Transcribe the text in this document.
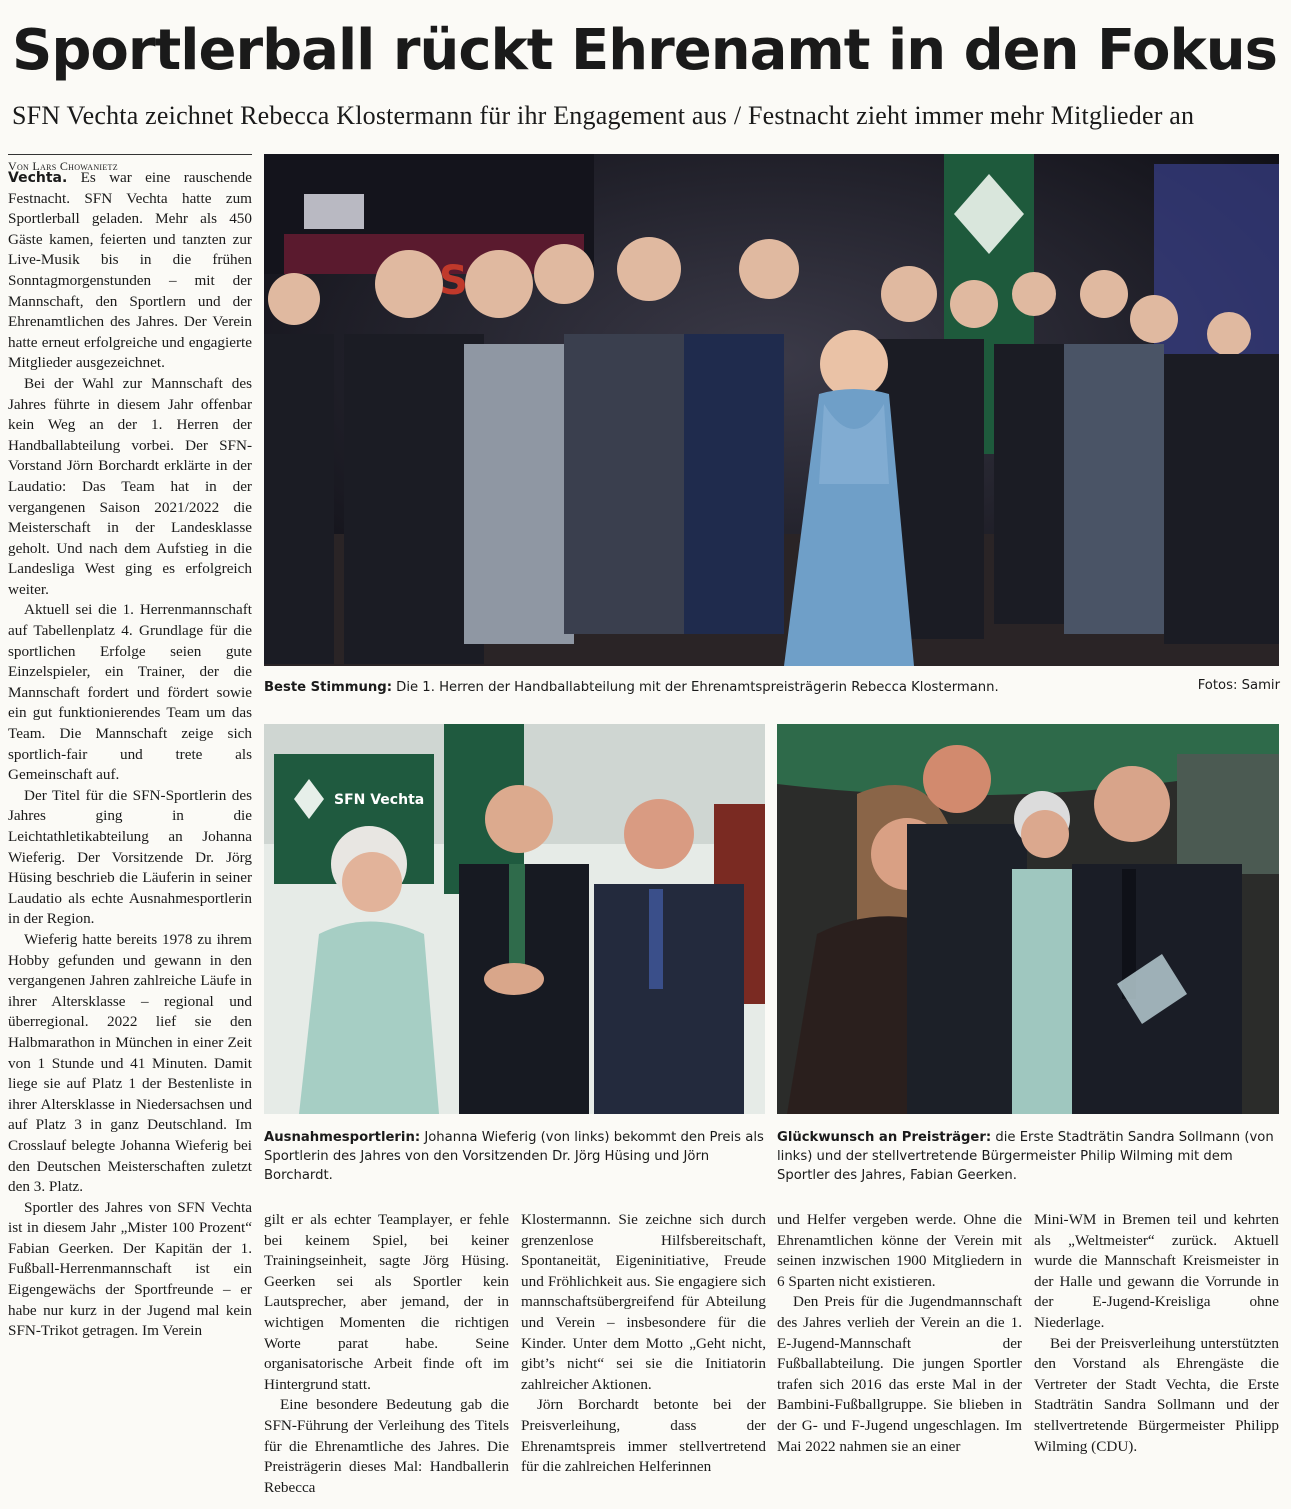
Sportlerball rückt Ehrenamt in den Fokus
SFN Vechta zeichnet Rebecca Klostermann für ihr Engagement aus / Festnacht zieht immer mehr Mitglieder an
Von Lars Chowanietz

Vechta. Es war eine rauschende Festnacht. SFN Vechta hatte zum Sportlerball geladen. Mehr als 450 Gäste kamen, feierten und tanzten zur Live-Musik bis in die frühen Sonntagmorgenstunden – mit der Mannschaft, den Sportlern und der Ehrenamtlichen des Jahres. Der Verein hatte erneut erfolgreiche und engagierte Mitglieder ausgezeichnet.

Bei der Wahl zur Mannschaft des Jahres führte in diesem Jahr offenbar kein Weg an der 1. Herren der Handballabteilung vorbei. Der SFN-Vorstand Jörn Borchardt erklärte in der Laudatio: Das Team hat in der vergangenen Saison 2021/2022 die Meisterschaft in der Landesklasse geholt. Und nach dem Aufstieg in die Landesliga West ging es erfolgreich weiter.

Aktuell sei die 1. Herrenmannschaft auf Tabellenplatz 4. Grundlage für die sportlichen Erfolge seien gute Einzelspieler, ein Trainer, der die Mannschaft fordert und fördert sowie ein gut funktionierendes Team um das Team. Die Mannschaft zeige sich sportlich-fair und trete als Gemeinschaft auf.

Der Titel für die SFN-Sportlerin des Jahres ging in die Leichtathletikabteilung an Johanna Wieferig. Der Vorsitzende Dr. Jörg Hüsing beschrieb die Läuferin in seiner Laudatio als echte Ausnahmesportlerin in der Region.

Wieferig hatte bereits 1978 zu ihrem Hobby gefunden und gewann in den vergangenen Jahren zahlreiche Läufe in ihrer Altersklasse – regional und überregional. 2022 lief sie den Halbmarathon in München in einer Zeit von 1 Stunde und 41 Minuten. Damit liege sie auf Platz 1 der Bestenliste in ihrer Altersklasse in Niedersachsen und auf Platz 3 in ganz Deutschland. Im Crosslauf belegte Johanna Wieferig bei den Deutschen Meisterschaften zuletzt den 3. Platz.

Sportler des Jahres von SFN Vechta ist in diesem Jahr „Mister 100 Prozent“ Fabian Geerken. Der Kapitän der 1. Fußball-Herrenmannschaft ist ein Eigengewächs der Sportfreunde – er habe nur kurz in der Jugend mal kein SFN-Trikot getragen. Im Verein

Beste Stimmung: Die 1. Herren der Handballabteilung mit der Ehrenamtspreisträgerin Rebecca Klostermann.	Fotos: Samir
SFN Vechta
Ausnahmesportlerin: Johanna Wieferig (von links) bekommt den Preis als Sportlerin des Jahres von den Vorsitzenden Dr. Jörg Hüsing und Jörn Borchardt.
Glückwunsch an Preisträger: die Erste Stadträtin Sandra Sollmann (von links) und der stellvertretende Bürgermeister Philip Wilming mit dem Sportler des Jahres, Fabian Geerken.

gilt er als echter Teamplayer, er fehle bei keinem Spiel, bei keiner Trainingseinheit, sagte Jörg Hüsing. Geerken sei als Sportler kein Lautsprecher, aber jemand, der in wichtigen Momenten die richtigen Worte parat habe. Seine organisatorische Arbeit finde oft im Hintergrund statt.

Eine besondere Bedeutung gab die SFN-Führung der Verleihung des Titels für die Ehrenamtliche des Jahres. Die Preisträgerin dieses Mal: Handballerin Rebecca

Klostermannn. Sie zeichne sich durch grenzenlose Hilfsbereitschaft, Spontaneität, Eigeninitiative, Freude und Fröhlichkeit aus. Sie engagiere sich mannschaftsübergreifend für Abteilung und Verein – insbesondere für die Kinder. Unter dem Motto „Geht nicht, gibt’s nicht“ sei sie die Initiatorin zahlreicher Aktionen.

Jörn Borchardt betonte bei der Preisverleihung, dass der Ehrenamtspreis immer stellvertretend für die zahlreichen Helferinnen

und Helfer vergeben werde. Ohne die Ehrenamtlichen könne der Verein mit seinen inzwischen 1900 Mitgliedern in 6 Sparten nicht existieren.

Den Preis für die Jugendmannschaft des Jahres verlieh der Verein an die 1. E-Jugend-Mannschaft der Fußballabteilung. Die jungen Sportler trafen sich 2016 das erste Mal in der Bambini-Fußballgruppe. Sie blieben in der G- und F-Jugend ungeschlagen. Im Mai 2022 nahmen sie an einer

Mini-WM in Bremen teil und kehrten als „Weltmeister“ zurück. Aktuell wurde die Mannschaft Kreismeister in der Halle und gewann die Vorrunde in der E-Jugend-Kreisliga ohne Niederlage.

Bei der Preisverleihung unterstützten den Vorstand als Ehrengäste die Vertreter der Stadt Vechta, die Erste Stadträtin Sandra Sollmann und der stellvertretende Bürgermeister Philipp Wilming (CDU).
